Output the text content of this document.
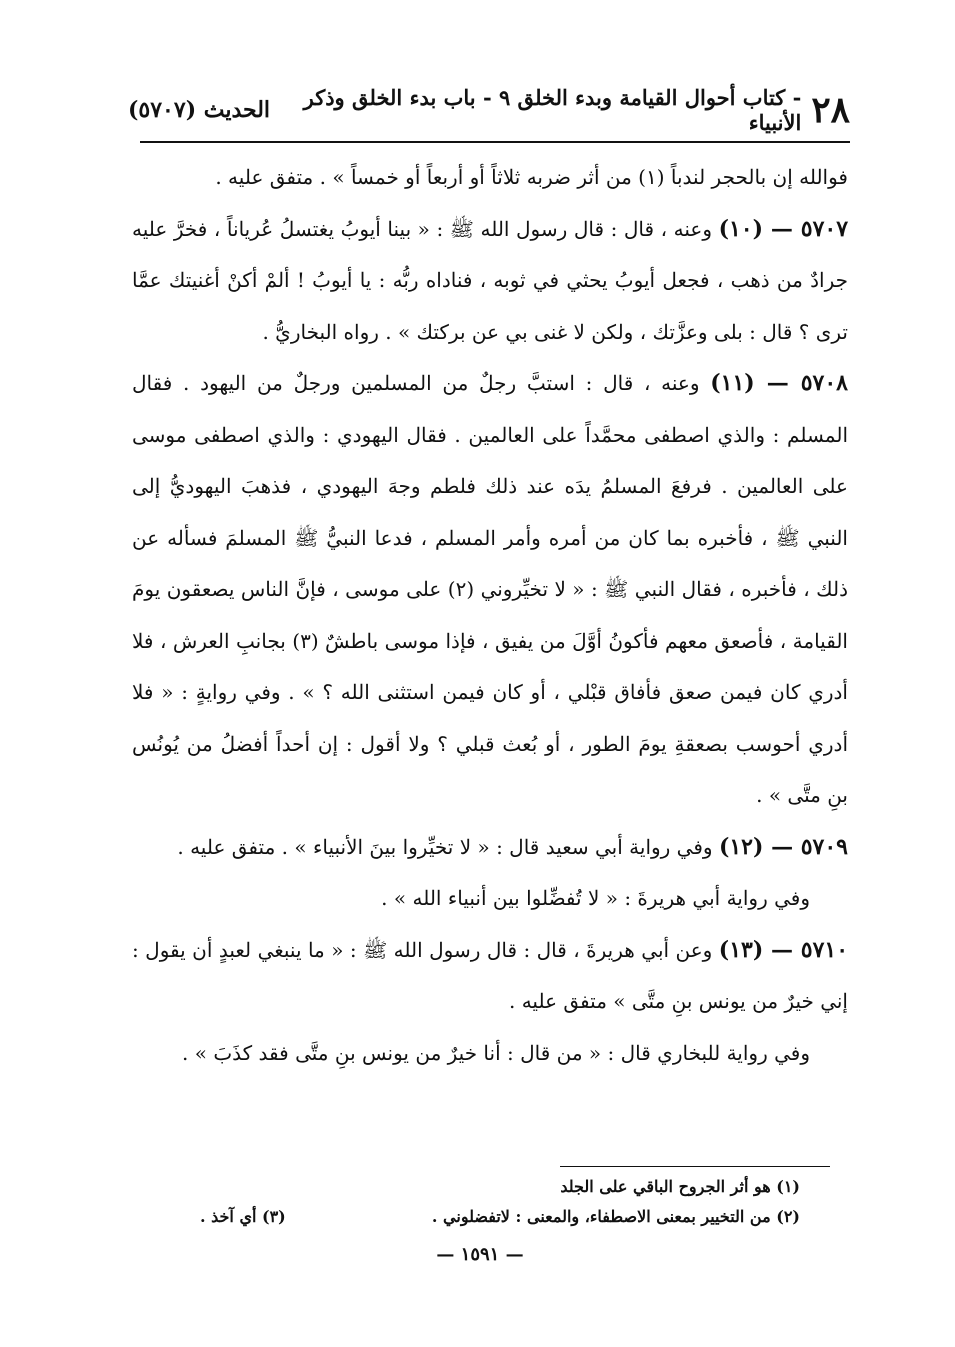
٢٨
- كتاب أحوال القيامة وبدء الخلق ٩ - باب بدء الخلق وذكر الأنبياء
الحديث (٥٧٠٧)

فوالله إن بالحجر لندباً (١) من أثر ضربه ثلاثاً أو أربعاً أو خمساً » . متفق عليه .

٥٧٠٧ — (١٠) وعنه ، قال : قال رسول الله ﷺ : « بينا أيوبُ يغتسلُ عُرياناً ، فخرَّ عليه جرادٌ من ذهب ، فجعل أيوبُ يحثي في ثوبه ، فناداه ربُّه : يا أيوبُ ! ألمْ أكنْ أغنيتك عمَّا ترى ؟ قال : بلى وعزَّتك ، ولكن لا غنى بي عن بركتك » . رواه البخاريُّ .

٥٧٠٨ — (١١) وعنه ، قال : استبَّ رجلٌ من المسلمين ورجلٌ من اليهود . فقال المسلم : والذي اصطفى محمَّداً على العالمين . فقال اليهودي : والذي اصطفى موسى على العالمين . فرفعَ المسلمُ يدَه عند ذلك فلطم وجهَ اليهودي ، فذهبَ اليهوديُّ إلى النبي ﷺ ، فأخبره بما كان من أمره وأمر المسلم ، فدعا النبيُّ ﷺ المسلمَ فسأله عن ذلك ، فأخبره ، فقال النبي ﷺ : « لا تخيِّروني (٢) على موسى ، فإنَّ الناس يصعقون يومَ القيامة ، فأصعق معهم فأكونُ أوَّلَ من يفيق ، فإذا موسى باطشٌ (٣) بجانبِ العرش ، فلا أدري كان فيمن صعق فأفاق قبْلي ، أو كان فيمن استثنى الله ؟ » . وفي روايةٍ : « فلا أدري أحوسب بصعقةِ يومَ الطور ، أو بُعث قبلي ؟ ولا أقول : إن أحداً أفضلُ من يُونُس بنِ متَّى » .

٥٧٠٩ — (١٢) وفي رواية أبي سعيد قال : « لا تخيِّروا بينَ الأنبياء » . متفق عليه .

وفي رواية أبي هريرةَ : « لا تُفضِّلوا بين أنبياء الله » .

٥٧١٠ — (١٣) وعن أبي هريرةَ ، قال : قال رسول الله ﷺ : « ما ينبغي لعبدٍ أن يقول : إني خيرٌ من يونس بنِ متَّى » متفق عليه .

وفي رواية للبخاري قال : « من قال : أنا خيرٌ من يونس بنِ متَّى فقد كذَبَ » .

(١) هو أثر الجروح الباقي على الجلد
(٢) من التخيير بمعنى الاصطفاء، والمعنى : لاتفضلوني .
(٣) أي آخذ .
— ١٥٩١ —
